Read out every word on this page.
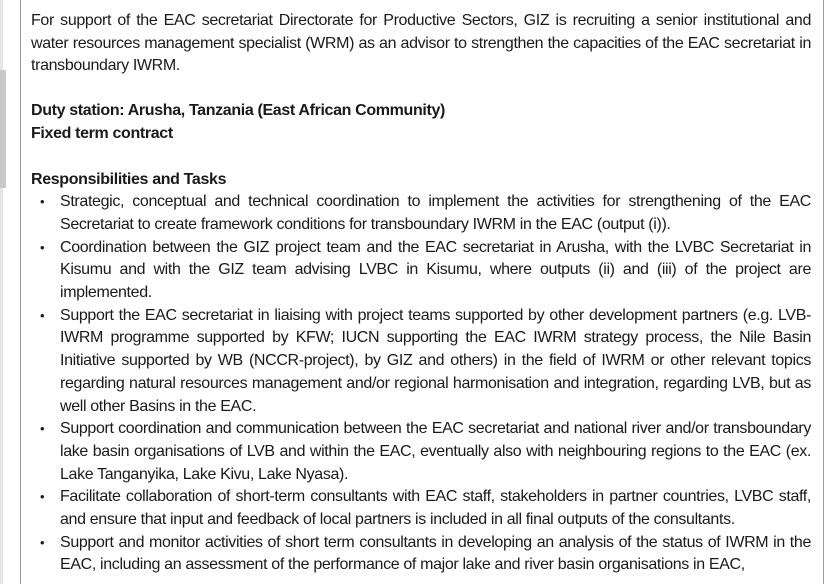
For support of the EAC secretariat Directorate for Productive Sectors, GIZ is recruiting a senior institutional and water resources management specialist (WRM) as an advisor to strengthen the capacities of the EAC secretariat in transboundary IWRM.

Duty station: Arusha, Tanzania (East African Community)

Fixed term contract

Responsibilities and Tasks

• Strategic, conceptual and technical coordination to implement the activities for strengthening of the EAC Secretariat to create framework conditions for transboundary IWRM in the EAC (output (i)).
• Coordination between the GIZ project team and the EAC secretariat in Arusha, with the LVBC Secretariat in Kisumu and with the GIZ team advising LVBC in Kisumu, where outputs (ii) and (iii) of the project are implemented.
• Support the EAC secretariat in liaising with project teams supported by other development partners (e.g. LVB-IWRM programme supported by KFW; IUCN supporting the EAC IWRM strategy process, the Nile Basin Initiative supported by WB (NCCR-project), by GIZ and others) in the field of IWRM or other relevant topics regarding natural resources management and/or regional harmonisation and integration, regarding LVB, but as well other Basins in the EAC.
• Support coordination and communication between the EAC secretariat and national river and/or transboundary lake basin organisations of LVB and within the EAC, eventually also with neighbouring regions to the EAC (ex. Lake Tanganyika, Lake Kivu, Lake Nyasa).
• Facilitate collaboration of short-term consultants with EAC staff, stakeholders in partner countries, LVBC staff, and ensure that input and feedback of local partners is included in all final outputs of the consultants.
• Support and monitor activities of short term consultants in developing an analysis of the status of IWRM in the EAC, including an assessment of the performance of major lake and river basin organisations in EAC,
